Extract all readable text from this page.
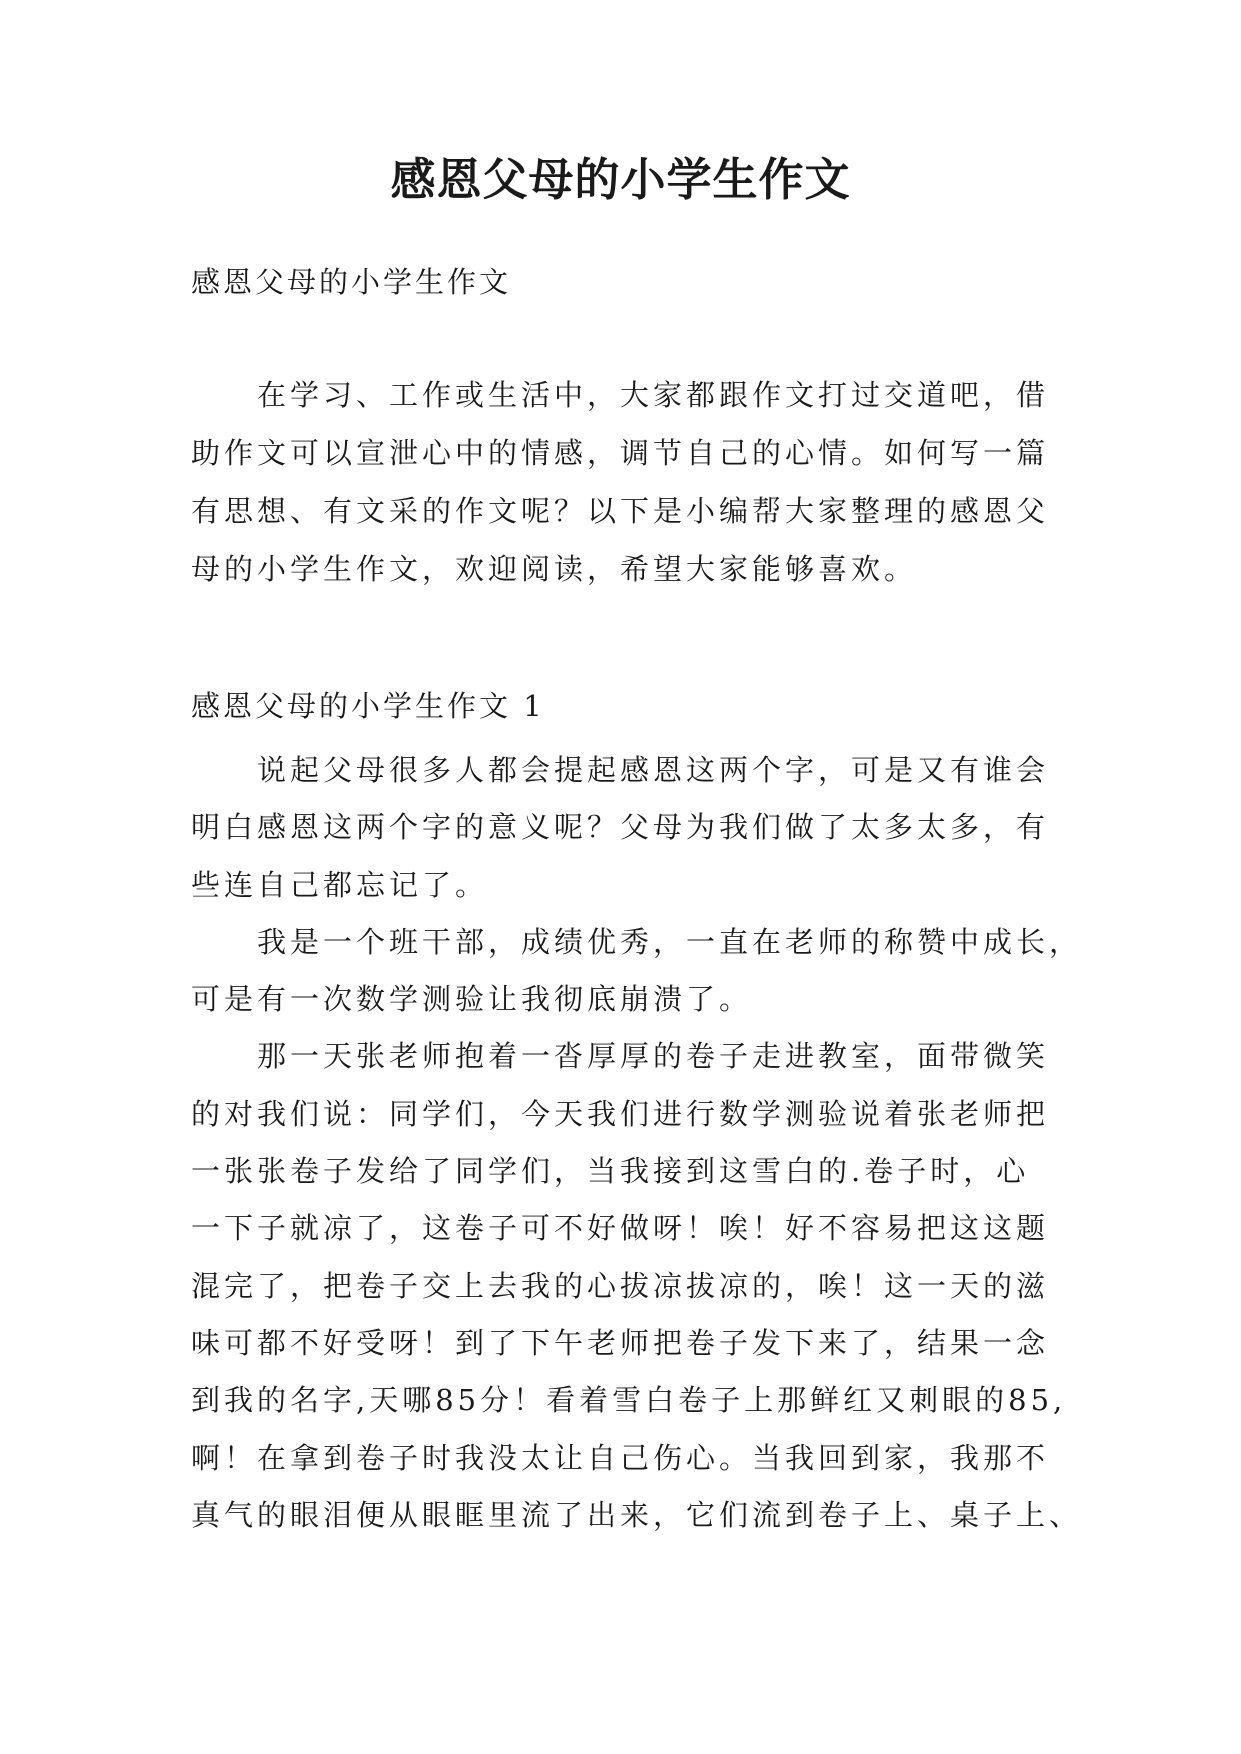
感恩父母的小学生作文
感恩父母的小学生作文

在学习、工作或生活中，大家都跟作文打过交道吧，借

助作文可以宣泄心中的情感，调节自己的心情。如何写一篇

有思想、有文采的作文呢？以下是小编帮大家整理的感恩父

母的小学生作文，欢迎阅读，希望大家能够喜欢。

感恩父母的小学生作文 1

说起父母很多人都会提起感恩这两个字，可是又有谁会

明白感恩这两个字的意义呢？父母为我们做了太多太多，有

些连自己都忘记了。

我是一个班干部，成绩优秀，一直在老师的称赞中成长，

可是有一次数学测验让我彻底崩溃了。

那一天张老师抱着一沓厚厚的卷子走进教室，面带微笑

的对我们说：同学们，今天我们进行数学测验说着张老师把

一张张卷子发给了同学们，当我接到这雪白的.卷子时，心

一下子就凉了，这卷子可不好做呀！唉！好不容易把这这题

混完了，把卷子交上去我的心拔凉拔凉的，唉！这一天的滋

味可都不好受呀！到了下午老师把卷子发下来了，结果一念

到我的名字,天哪85分！看着雪白卷子上那鲜红又刺眼的85,

啊！在拿到卷子时我没太让自己伤心。当我回到家，我那不

真气的眼泪便从眼眶里流了出来，它们流到卷子上、桌子上、
